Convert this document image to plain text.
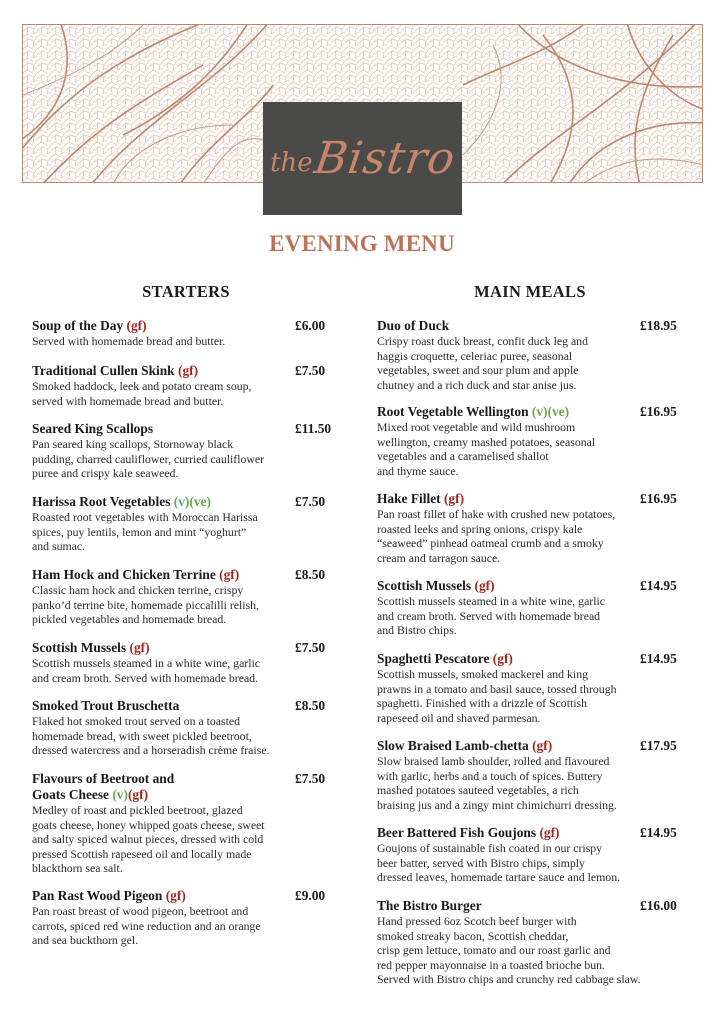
the
Bistro
EVENING MENU
STARTERS	MAIN MEALS
Soup of the Day (gf)	£6.00
Served with homemade bread and butter.
Traditional Cullen Skink (gf)	£7.50
Smoked haddock, leek and potato cream soup,
served with homemade bread and butter.
Seared King Scallops	£11.50
Pan seared king scallops, Stornoway black
pudding, charred cauliflower, curried cauliflower
puree and crispy kale seaweed.
Harissa Root Vegetables (v)(ve)	£7.50
Roasted root vegetables with Moroccan Harissa
spices, puy lentils, lemon and mint “yoghurt”
and sumac.
Ham Hock and Chicken Terrine (gf)	£8.50
Classic ham hock and chicken terrine, crispy
panko’d terrine bite, homemade piccalilli relish,
pickled vegetables and homemade bread.
Scottish Mussels (gf)	£7.50
Scottish mussels steamed in a white wine, garlic
and cream broth. Served with homemade bread.
Smoked Trout Bruschetta	£8.50
Flaked hot smoked trout served on a toasted
homemade bread, with sweet pickled beetroot,
dressed watercress and a horseradish crème fraise.
Flavours of Beetroot and
Goats Cheese (v)(gf)
£7.50
Medley of roast and pickled beetroot, glazed
goats cheese, honey whipped goats cheese, sweet
and salty spiced walnut pieces, dressed with cold
pressed Scottish rapeseed oil and locally made
blackthorn sea salt.
Pan Rast Wood Pigeon (gf)	£9.00
Pan roast breast of wood pigeon, beetroot and
carrots, spiced red wine reduction and an orange
and sea buckthorn gel.
Duo of Duck	£18.95
Crispy roast duck breast, confit duck leg and
haggis croquette, celeriac puree, seasonal
vegetables, sweet and sour plum and apple
chutney and a rich duck and star anise jus.
Root Vegetable Wellington (v)(ve)	£16.95
Mixed root vegetable and wild mushroom
wellington, creamy mashed potatoes, seasonal
vegetables and a caramelised shallot
and thyme sauce.
Hake Fillet (gf)	£16.95
Pan roast fillet of hake with crushed new potatoes,
roasted leeks and spring onions, crispy kale
“seaweed” pinhead oatmeal crumb and a smoky
cream and tarragon sauce.
Scottish Mussels (gf)	£14.95
Scottish mussels steamed in a white wine, garlic
and cream broth. Served with homemade bread
and Bistro chips.
Spaghetti Pescatore (gf)	£14.95
Scottish mussels, smoked mackerel and king
prawns in a tomato and basil sauce, tossed through
spaghetti. Finished with a drizzle of Scottish
rapeseed oil and shaved parmesan.
Slow Braised Lamb-chetta (gf)	£17.95
Slow braised lamb shoulder, rolled and flavoured
with garlic, herbs and a touch of spices. Buttery
mashed potatoes sauteed vegetables, a rich
braising jus and a zingy mint chimichurri dressing.
Beer Battered Fish Goujons (gf)	£14.95
Goujons of sustainable fish coated in our crispy
beer batter, served with Bistro chips, simply
dressed leaves, homemade tartare sauce and lemon.
The Bistro Burger	£16.00
Hand pressed 6oz Scotch beef burger with
smoked streaky bacon, Scottish cheddar,
crisp gem lettuce, tomato and our roast garlic and
red pepper mayonnaise in a toasted brioche bun.
Served with Bistro chips and crunchy red cabbage slaw.
